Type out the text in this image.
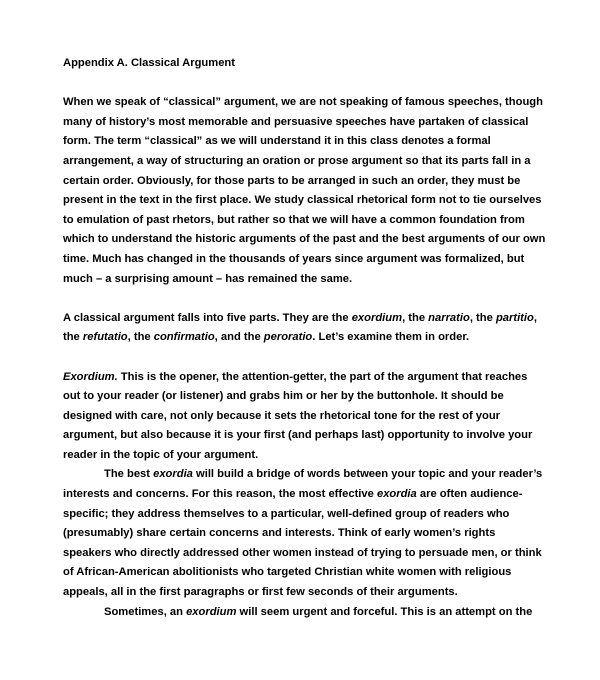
Appendix A. Classical Argument
When we speak of “classical” argument, we are not speaking of famous speeches, though
many of history’s most memorable and persuasive speeches have partaken of classical
form. The term “classical” as we will understand it in this class denotes a formal
arrangement, a way of structuring an oration or prose argument so that its parts fall in a
certain order. Obviously, for those parts to be arranged in such an order, they must be
present in the text in the first place. We study classical rhetorical form not to tie ourselves
to emulation of past rhetors, but rather so that we will have a common foundation from
which to understand the historic arguments of the past and the best arguments of our own
time. Much has changed in the thousands of years since argument was formalized, but
much – a surprising amount – has remained the same.
A classical argument falls into five parts. They are the exordium, the narratio, the partitio,
the refutatio, the confirmatio, and the peroratio. Let’s examine them in order.
Exordium. This is the opener, the attention-getter, the part of the argument that reaches
out to your reader (or listener) and grabs him or her by the buttonhole. It should be
designed with care, not only because it sets the rhetorical tone for the rest of your
argument, but also because it is your first (and perhaps last) opportunity to involve your
reader in the topic of your argument.
The best exordia will build a bridge of words between your topic and your reader’s
interests and concerns. For this reason, the most effective exordia are often audience-
specific; they address themselves to a particular, well-defined group of readers who
(presumably) share certain concerns and interests. Think of early women’s rights
speakers who directly addressed other women instead of trying to persuade men, or think
of African-American abolitionists who targeted Christian white women with religious
appeals, all in the first paragraphs or first few seconds of their arguments.
Sometimes, an exordium will seem urgent and forceful. This is an attempt on the
